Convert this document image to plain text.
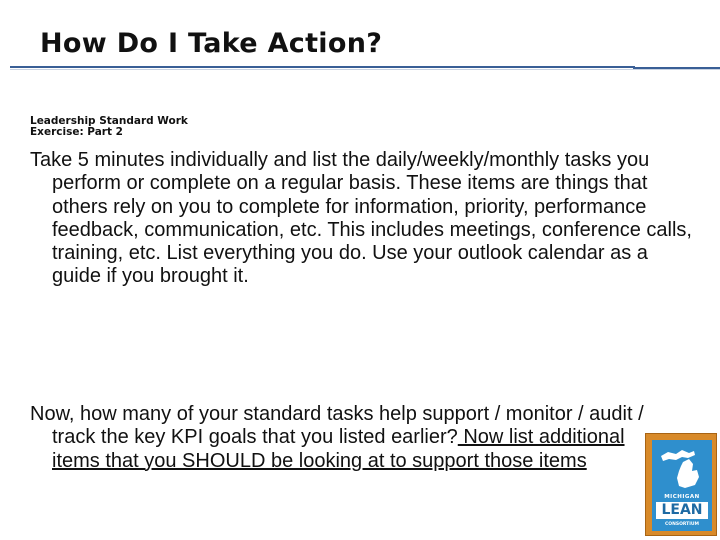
How Do I Take Action?
Leadership Standard Work
Exercise: Part 2

Take 5 minutes individually and list the daily/weekly/monthly tasks you perform or complete on a regular basis. These items are things that others rely on you to complete for information, priority, performance feedback, communication, etc. This includes meetings, conference calls, training, etc. List everything you do. Use your outlook calendar as a guide if you brought it.

Now, how many of your standard tasks help support / monitor / audit / track the key KPI goals that you listed earlier? Now list additional items that you SHOULD be looking at to support those items

MICHIGAN
LEAN
CONSORTIUM
